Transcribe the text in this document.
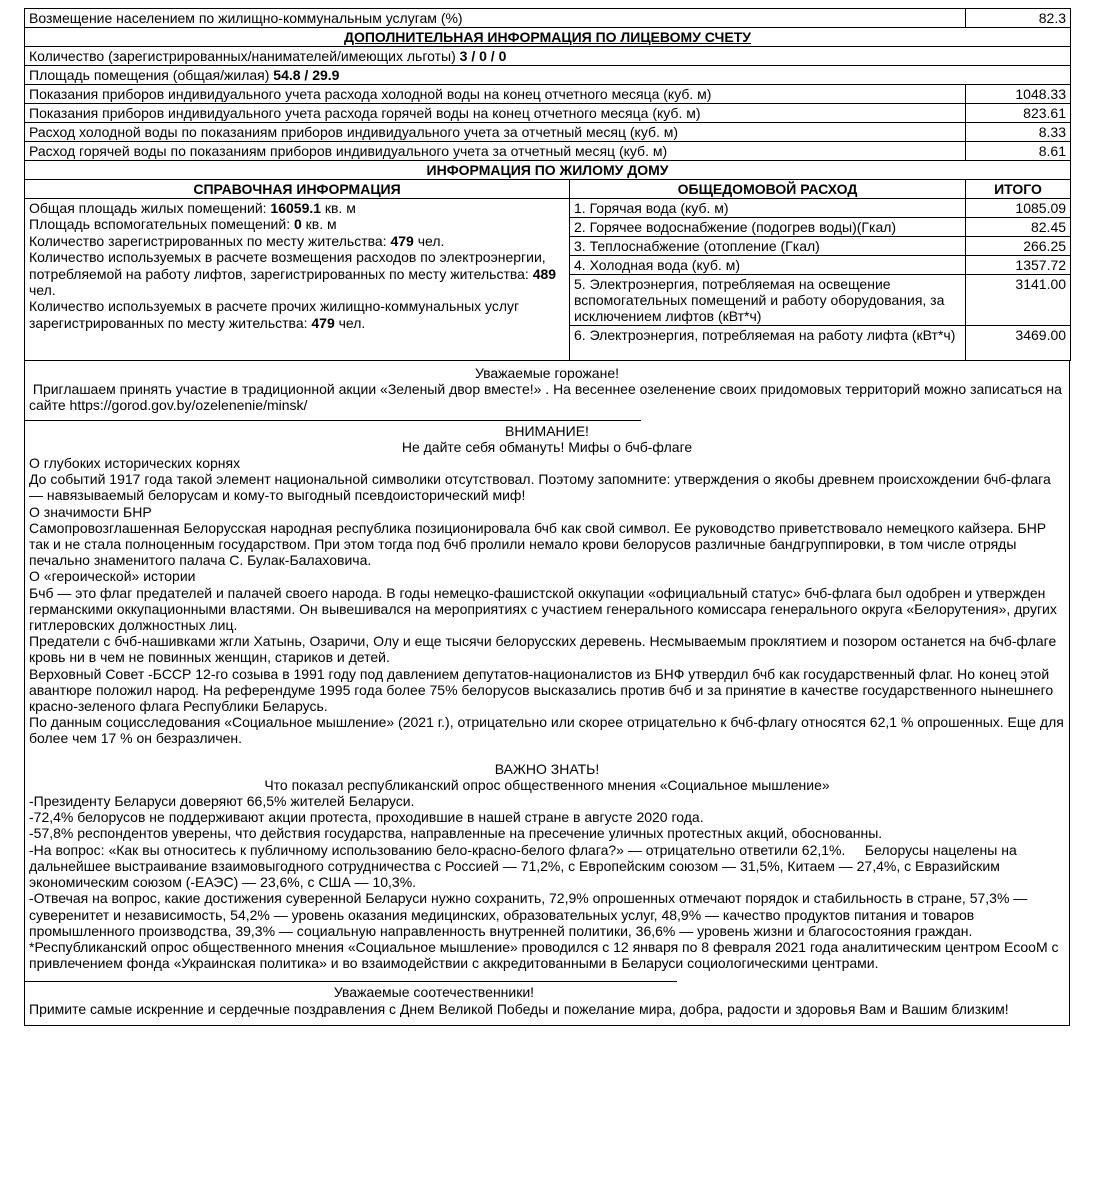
Возмещение населением по жилищно-коммунальным услугам (%)	82.3
ДОПОЛНИТЕЛЬНАЯ ИНФОРМАЦИЯ ПО ЛИЦЕВОМУ СЧЕТУ	
Количество (зарегистрированных/нанимателей/имеющих льготы) 3 / 0 / 0	
Площадь помещения (общая/жилая) 54.8 / 29.9	
Показания приборов индивидуального учета расхода холодной воды на конец отчетного месяца (куб. м)	1048.33
Показания приборов индивидуального учета расхода горячей воды на конец отчетного месяца (куб. м)	823.61
Расход холодной воды по показаниям приборов индивидуального учета за отчетный месяц (куб. м)	8.33
Расход горячей воды по показаниям приборов индивидуального учета за отчетный месяц (куб. м)	8.61
ИНФОРМАЦИЯ ПО ЖИЛОМУ ДОМУ		
СПРАВОЧНАЯ ИНФОРМАЦИЯ	ОБЩЕДОМОВОЙ РАСХОД	ИТОГО

Общая площадь жилых помещений: 16059.1 кв. м
Площадь вспомогательных помещений: 0 кв. м
Количество зарегистрированных по месту жительства: 479 чел.
Количество используемых в расчете возмещения расходов по электроэнергии, потребляемой на работу лифтов, зарегистрированных по месту жительства: 489 чел.
Количество используемых в расчете прочих жилищно-коммунальных услуг зарегистрированных по месту жительства: 479 чел.	1. Горячая вода (куб. м)	1085.09
	2. Горячее водоснабжение (подогрев воды)(Гкал)	82.45
	3. Теплоснабжение (отопление (Гкал)	266.25
	4. Холодная вода (куб. м)	1357.72
	5. Электроэнергия, потребляемая на освещение вспомогательных помещений и работу оборудования, за исключением лифтов (кВт*ч)	3141.00
	6. Электроэнергия, потребляемая на работу лифта (кВт*ч)	3469.00
Уважаемые горожане!
Приглашаем принять участие в традиционной акции «Зеленый двор вместе!» . На весеннее озеленение своих придомовых территорий можно записаться на сайте https://gorod.gov.by/ozelenenie/minsk/
ВНИМАНИЕ!
Не дайте себя обмануть! Мифы о бчб-флаге
О глубоких исторических корнях
До событий 1917 года такой элемент национальной символики отсутствовал. Поэтому запомните: утверждения о якобы древнем происхождении бчб-флага — навязываемый белорусам и кому-то выгодный псевдоисторический миф!
О значимости БНР
Самопровозглашенная Белорусская народная республика позиционировала бчб как свой символ. Ее руководство приветствовало немецкого кайзера. БНР так и не стала полноценным государством. При этом тогда под бчб пролили немало крови белорусов различные бандгруппировки, в том числе отряды печально знаменитого палача С. Булак-Балаховича.
О «героической» истории
Бчб — это флаг предателей и палачей своего народа. В годы немецко-фашистской оккупации «официальный статус» бчб-флага был одобрен и утвержден германскими оккупационными властями. Он вывешивался на мероприятиях с участием генерального комиссара генерального округа «Белорутения», других гитлеровских должностных лиц.
Предатели с бчб-нашивками жгли Хатынь, Озаричи, Олу и еще тысячи белорусских деревень. Несмываемым проклятием и позором останется на бчб-флаге кровь ни в чем не повинных женщин, стариков и детей.
Верховный Совет -БССР 12-го созыва в 1991 году под давлением депутатов-националистов из БНФ утвердил бчб как государственный флаг. Но конец этой авантюре положил народ. На референдуме 1995 года более 75% белорусов высказались против бчб и за принятие в качестве государственного нынешнего красно-зеленого флага Республики Беларусь.
По данным социсследования «Социальное мышление» (2021 г.), отрицательно или скорее отрицательно к бчб-флагу относятся 62,1 % опрошенных. Еще для более чем 17 % он безразличен.
ВАЖНО ЗНАТЬ!
Что показал республиканский опрос общественного мнения «Социальное мышление»
-Президенту Беларуси доверяют 66,5% жителей Беларуси.
-72,4% белорусов не поддерживают акции протеста, проходившие в нашей стране в августе 2020 года.
-57,8% респондентов уверены, что действия государства, направленные на пресечение уличных протестных акций, обоснованны.
-На вопрос: «Как вы относитесь к публичному использованию бело-красно-белого флага?» — отрицательно ответили 62,1%.     Белорусы нацелены на дальнейшее выстраивание взаимовыгодного сотрудничества с Россией — 71,2%, с Европейским союзом — 31,5%, Китаем — 27,4%, с Евразийским экономическим союзом (-ЕАЭС) — 23,6%, с США — 10,3%.
-Отвечая на вопрос, какие достижения суверенной Беларуси нужно сохранить, 72,9% опрошенных отмечают порядок и стабильность в стране, 57,3% — суверенитет и независимость, 54,2% — уровень оказания медицинских, образовательных услуг, 48,9% — качество продуктов питания и товаров промышленного производства, 39,3% — социальную направленность внутренней политики, 36,6% — уровень жизни и благосостояния граждан.
*Республиканский опрос общественного мнения «Социальное мышление» проводился с 12 января по 8 февраля 2021 года аналитическим центром EcooM с привлечением фонда «Украинская политика» и во взаимодействии с аккредитованными в Беларуси социологическими центрами.
Уважаемые соотечественники!
Примите самые искренние и сердечные поздравления с Днем Великой Победы и пожелание мира, добра, радости и здоровья Вам и Вашим близким!
